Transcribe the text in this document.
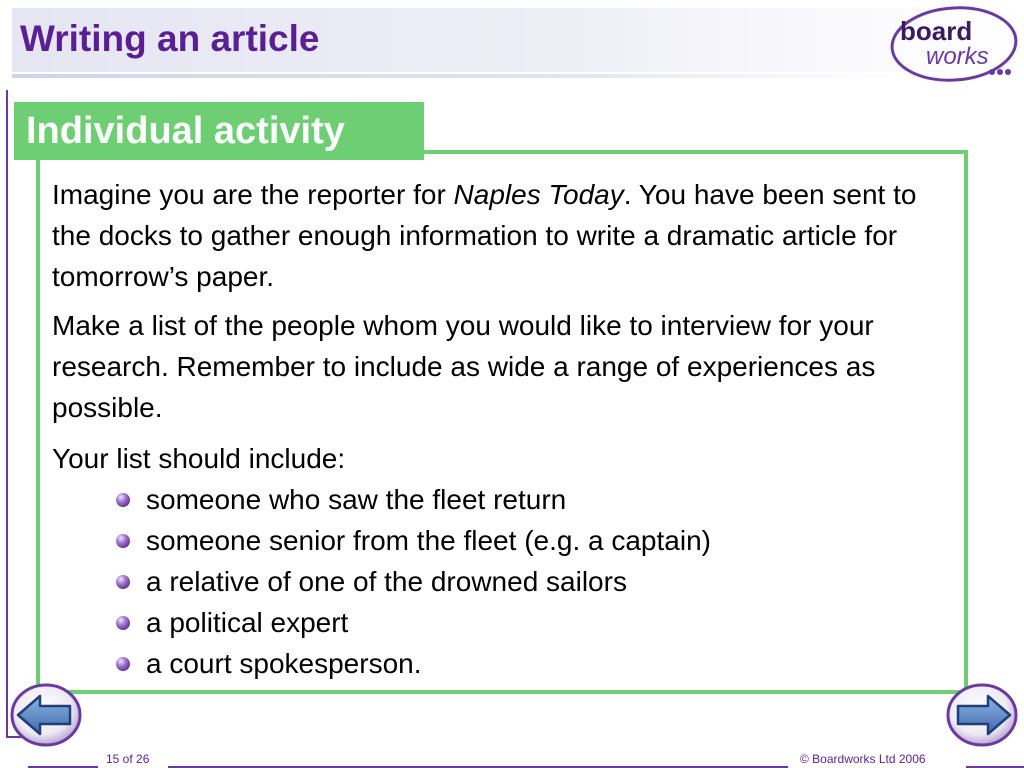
Writing an article	board
works
Individual activity

Imagine you are the reporter for Naples Today. You have been sent to the docks to gather enough information to write a dramatic article for tomorrow’s paper.

Make a list of the people whom you would like to interview for your research. Remember to include as wide a range of experiences as possible.

Your list should include:

someone who saw the fleet return
someone senior from the fleet (e.g. a captain)
a relative of one of the drowned sailors
a political expert
a court spokesperson.
15 of 26	© Boardworks Ltd 2006
